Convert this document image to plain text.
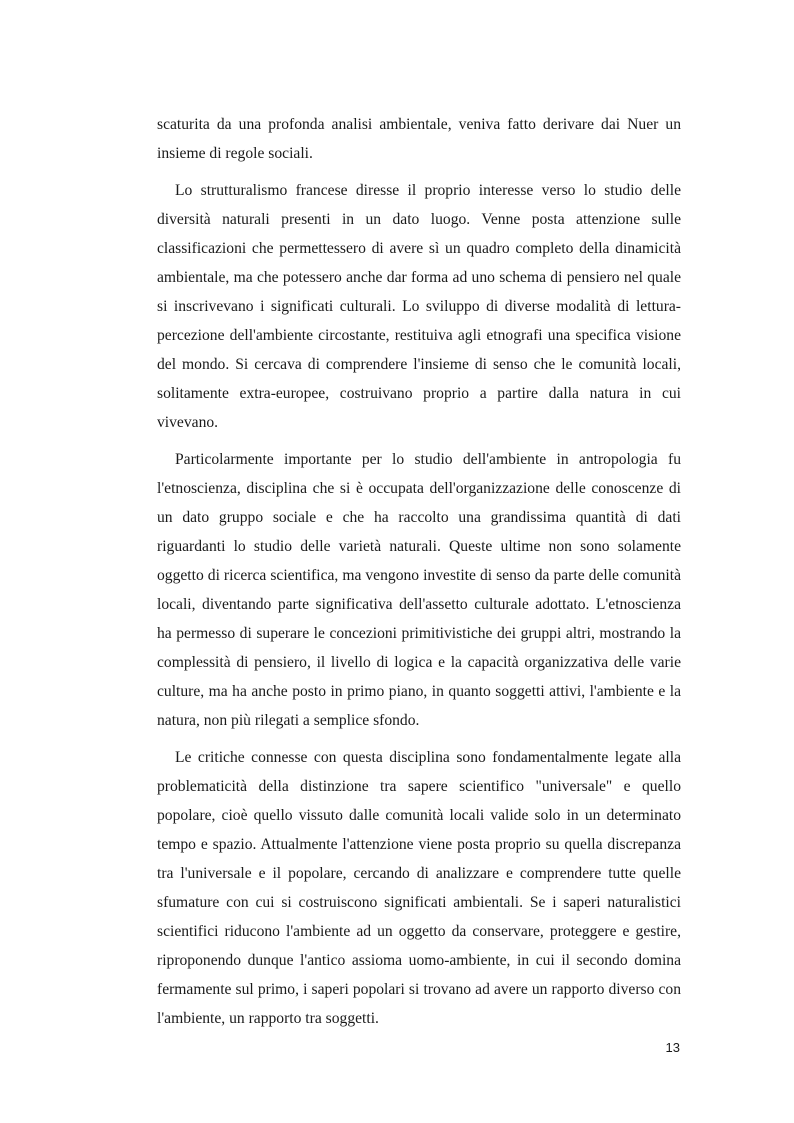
scaturita da una profonda analisi ambientale, veniva fatto derivare dai Nuer un insieme di regole sociali.

Lo strutturalismo francese diresse il proprio interesse verso lo studio delle diversità naturali presenti in un dato luogo. Venne posta attenzione sulle classificazioni che permettessero di avere sì un quadro completo della dinamicità ambientale, ma che potessero anche dar forma ad uno schema di pensiero nel quale si inscrivevano i significati culturali. Lo sviluppo di diverse modalità di lettura-percezione dell'ambiente circostante, restituiva agli etnografi una specifica visione del mondo. Si cercava di comprendere l'insieme di senso che le comunità locali, solitamente extra-europee, costruivano proprio a partire dalla natura in cui vivevano.

Particolarmente importante per lo studio dell'ambiente in antropologia fu l'etnoscienza, disciplina che si è occupata dell'organizzazione delle conoscenze di un dato gruppo sociale e che ha raccolto una grandissima quantità di dati riguardanti lo studio delle varietà naturali. Queste ultime non sono solamente oggetto di ricerca scientifica, ma vengono investite di senso da parte delle comunità locali, diventando parte significativa dell'assetto culturale adottato. L'etnoscienza ha permesso di superare le concezioni primitivistiche dei gruppi altri, mostrando la complessità di pensiero, il livello di logica e la capacità organizzativa delle varie culture, ma ha anche posto in primo piano, in quanto soggetti attivi, l'ambiente e la natura, non più rilegati a semplice sfondo.

Le critiche connesse con questa disciplina sono fondamentalmente legate alla problematicità della distinzione tra sapere scientifico "universale" e quello popolare, cioè quello vissuto dalle comunità locali valide solo in un determinato tempo e spazio. Attualmente l'attenzione viene posta proprio su quella discrepanza tra l'universale e il popolare, cercando di analizzare e comprendere tutte quelle sfumature con cui si costruiscono significati ambientali. Se i saperi naturalistici scientifici riducono l'ambiente ad un oggetto da conservare, proteggere e gestire, riproponendo dunque l'antico assioma uomo-ambiente, in cui il secondo domina fermamente sul primo, i saperi popolari si trovano ad avere un rapporto diverso con l'ambiente, un rapporto tra soggetti.

13
